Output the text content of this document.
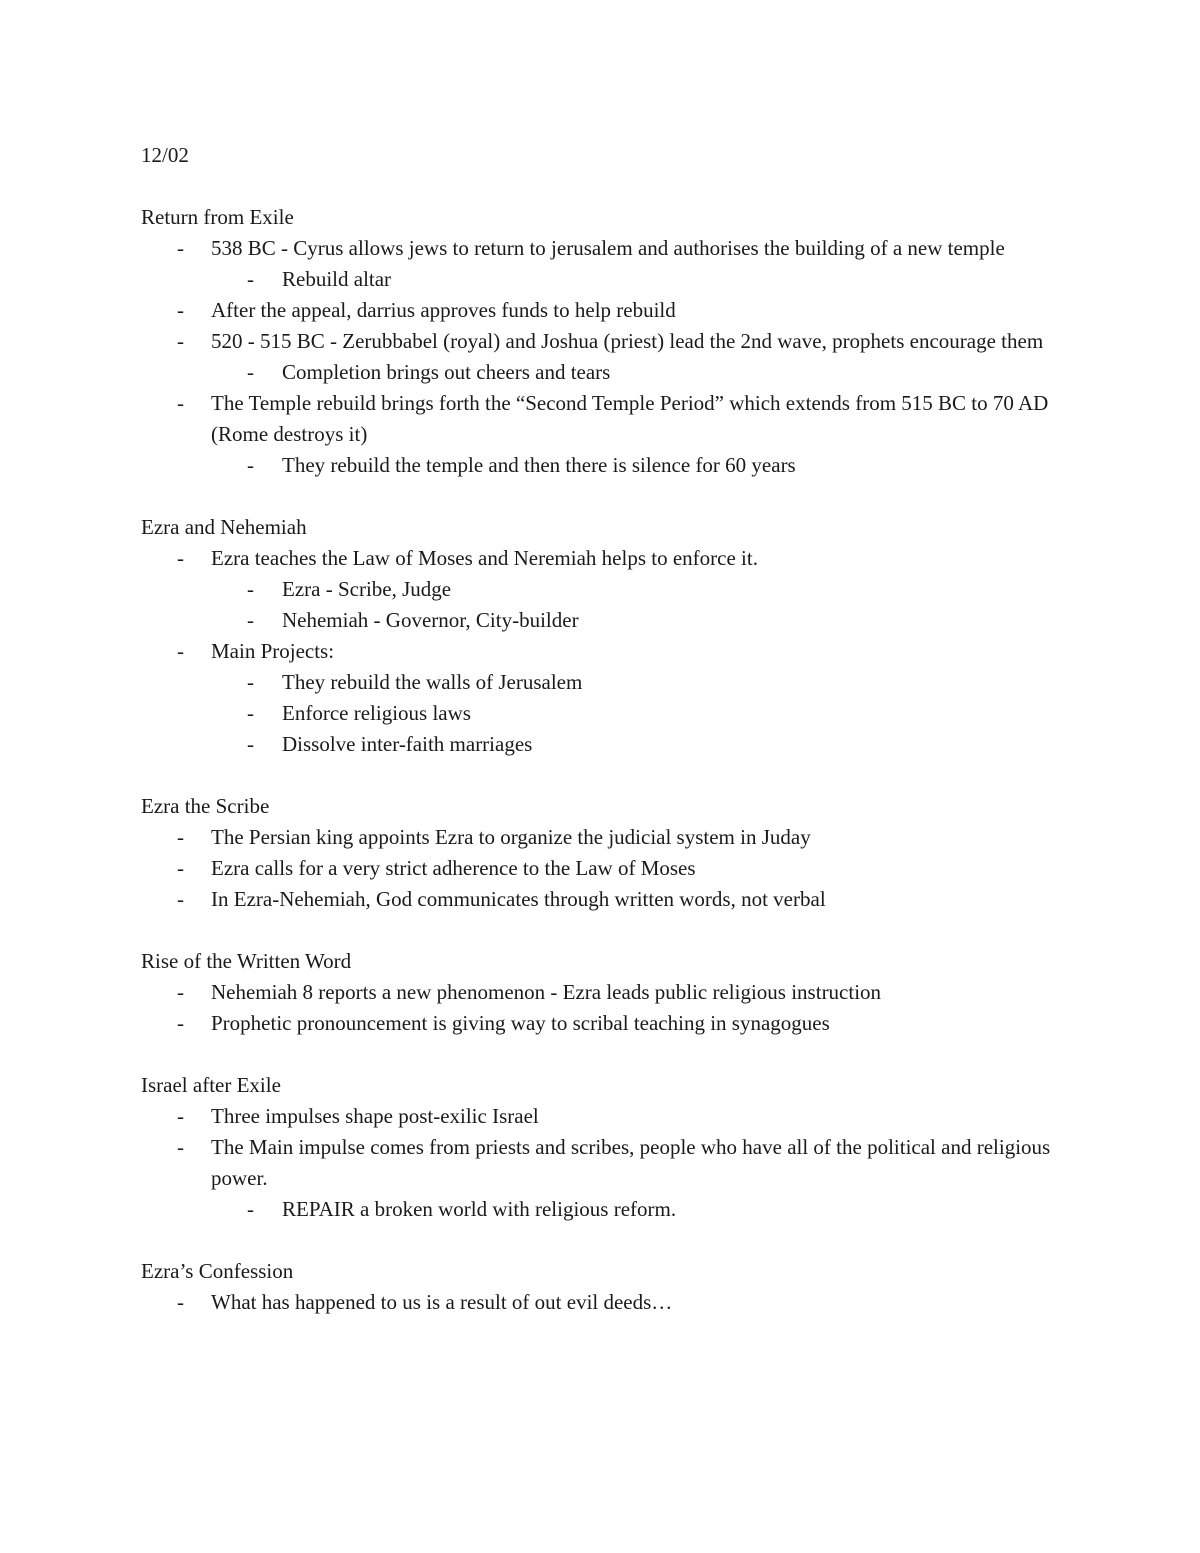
12/02
Return from Exile
- 538 BC - Cyrus allows jews to return to jerusalem and authorises the building of a new temple
- Rebuild altar
- After the appeal, darrius approves funds to help rebuild
- 520 - 515 BC - Zerubbabel (royal) and Joshua (priest) lead the 2nd wave, prophets encourage them
- Completion brings out cheers and tears
- The Temple rebuild brings forth the “Second Temple Period” which extends from 515 BC to 70 AD (Rome destroys it)
- They rebuild the temple and then there is silence for 60 years
Ezra and Nehemiah
- Ezra teaches the Law of Moses and Neremiah helps to enforce it.
- Ezra - Scribe, Judge
- Nehemiah - Governor, City-builder
- Main Projects:
- They rebuild the walls of Jerusalem
- Enforce religious laws
- Dissolve inter-faith marriages
Ezra the Scribe
- The Persian king appoints Ezra to organize the judicial system in Juday
- Ezra calls for a very strict adherence to the Law of Moses
- In Ezra-Nehemiah, God communicates through written words, not verbal
Rise of the Written Word
- Nehemiah 8 reports a new phenomenon - Ezra leads public religious instruction
- Prophetic pronouncement is giving way to scribal teaching in synagogues
Israel after Exile
- Three impulses shape post-exilic Israel
- The Main impulse comes from priests and scribes, people who have all of the political and religious power.
- REPAIR a broken world with religious reform.
Ezra’s Confession
- What has happened to us is a result of out evil deeds…
